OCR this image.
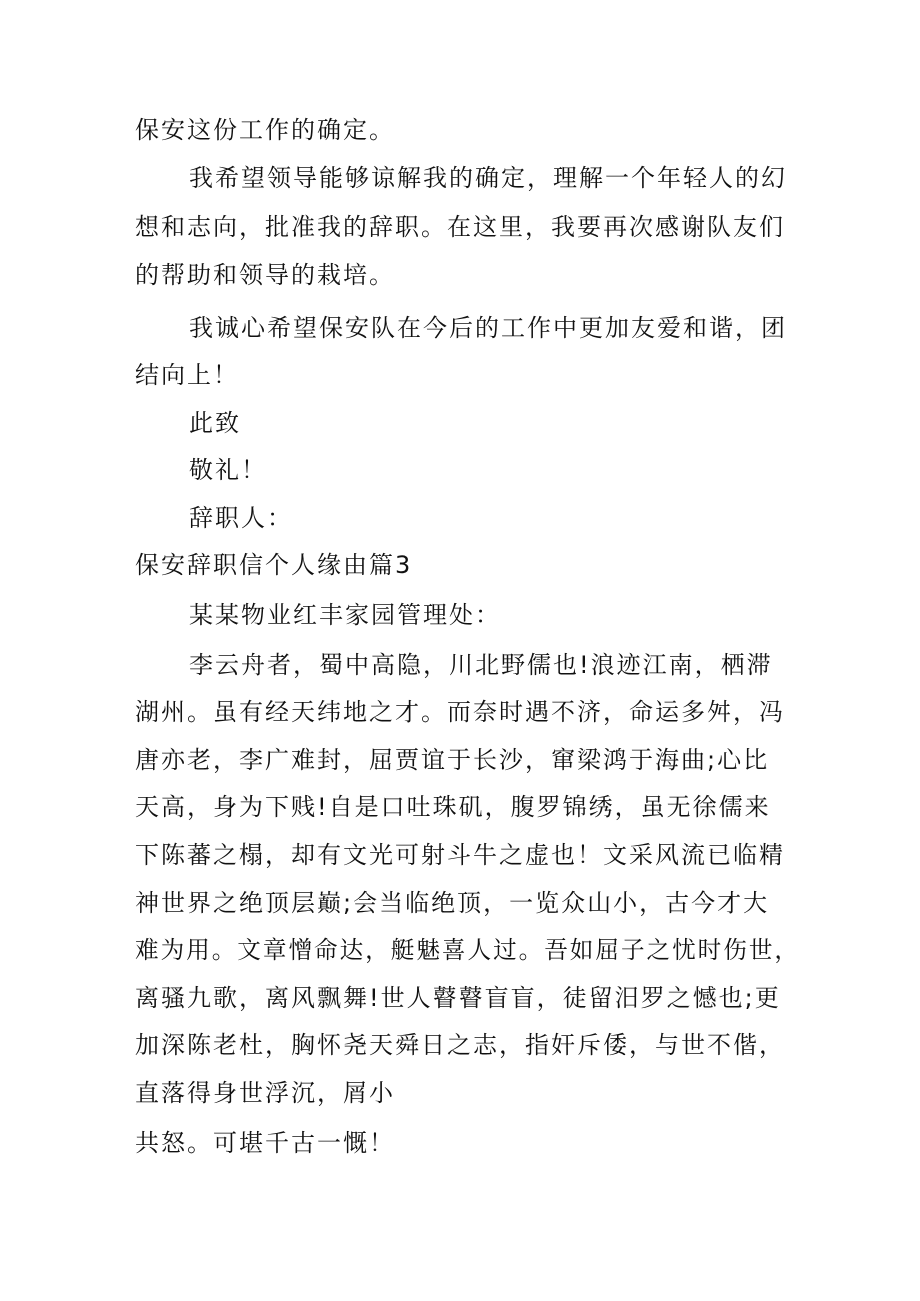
保安这份工作的确定。

我希望领导能够谅解我的确定，理解一个年轻人的幻

想和志向，批准我的辞职。在这里，我要再次感谢队友们

的帮助和领导的栽培。

我诚心希望保安队在今后的工作中更加友爱和谐，团

结向上！

此致

敬礼！

辞职人：

保安辞职信个人缘由篇3

某某物业红丰家园管理处：

李云舟者，蜀中高隐，川北野儒也!浪迹江南，栖滞

湖州。虽有经天纬地之才。而奈时遇不济，命运多舛，冯

唐亦老，李广难封，屈贾谊于长沙，窜梁鸿于海曲;心比

天高，身为下贱!自是口吐珠矶，腹罗锦绣，虽无徐儒来

下陈蕃之榻，却有文光可射斗牛之虚也！文采风流已临精

神世界之绝顶层巅;会当临绝顶，一览众山小，古今才大

难为用。文章憎命达，艇魅喜人过。吾如屈子之忧时伤世，

离骚九歌，离风飘舞!世人瞽瞽盲盲，徒留汨罗之憾也;更

加深陈老杜，胸怀尧天舜日之志，指奸斥倭，与世不偕，

直落得身世浮沉，屑小

共怒。可堪千古一慨！
